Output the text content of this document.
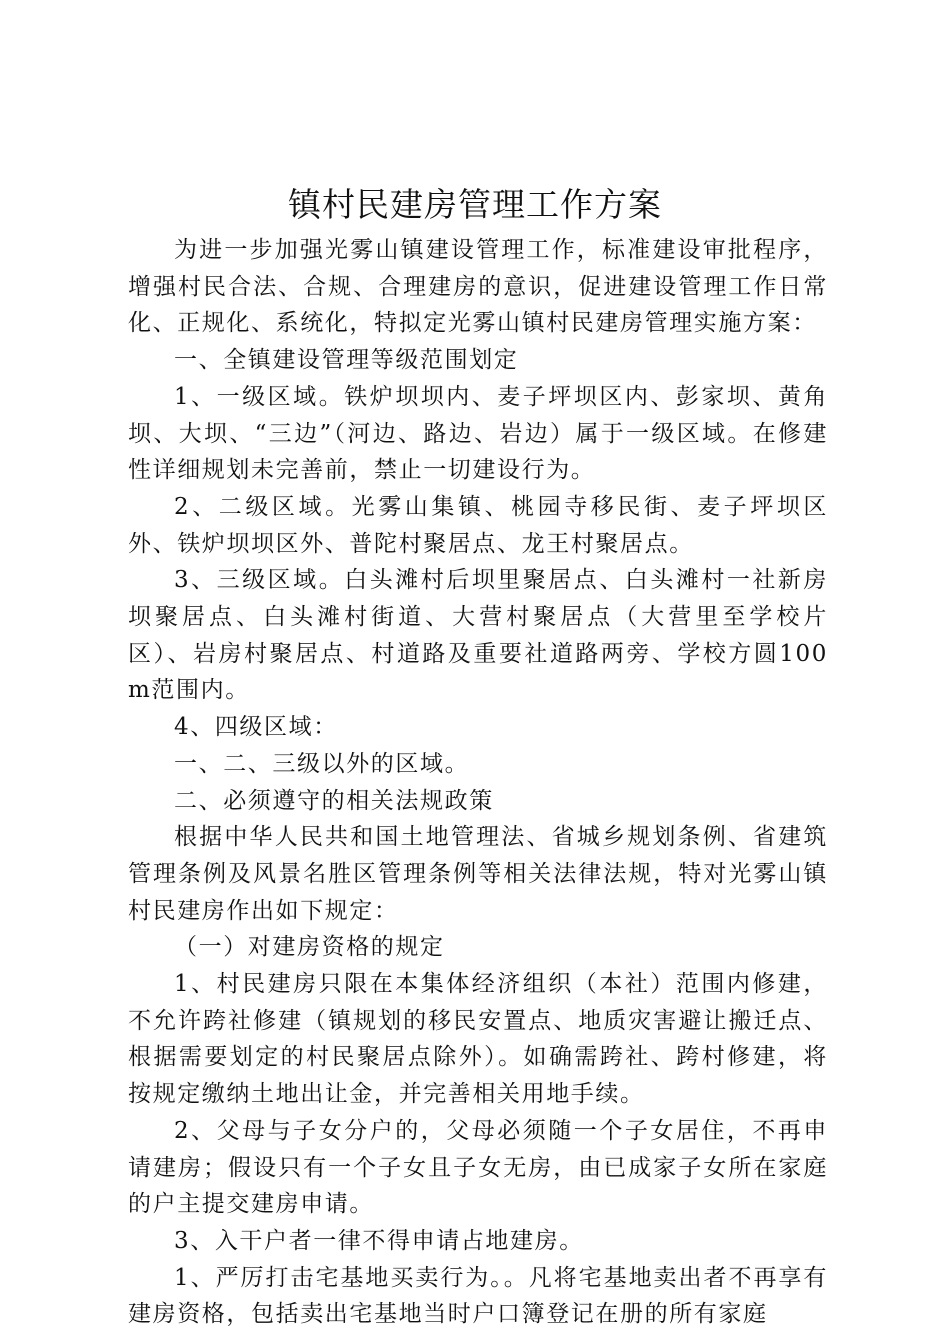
镇村民建房管理工作方案

为进一步加强光雾山镇建设管理工作，标准建设审批程序，增强村民合法、合规、合理建房的意识，促进建设管理工作日常化、正规化、系统化，特拟定光雾山镇村民建房管理实施方案：

一、全镇建设管理等级范围划定

1、一级区域。铁炉坝坝内、麦子坪坝区内、彭家坝、黄角坝、大坝、“三边”（河边、路边、岩边）属于一级区域。在修建性详细规划未完善前，禁止一切建设行为。

2、二级区域。光雾山集镇、桃园寺移民街、麦子坪坝区外、铁炉坝坝区外、普陀村聚居点、龙王村聚居点。

3、三级区域。白头滩村后坝里聚居点、白头滩村一社新房坝聚居点、白头滩村街道、大营村聚居点（大营里至学校片区）、岩房村聚居点、村道路及重要社道路两旁、学校方圆100m范围内。

4、四级区域：

一、二、三级以外的区域。

二、必须遵守的相关法规政策

根据中华人民共和国土地管理法、省城乡规划条例、省建筑管理条例及风景名胜区管理条例等相关法律法规，特对光雾山镇村民建房作出如下规定：

（一）对建房资格的规定

1、村民建房只限在本集体经济组织（本社）范围内修建，不允许跨社修建（镇规划的移民安置点、地质灾害避让搬迁点、根据需要划定的村民聚居点除外）。如确需跨社、跨村修建，将按规定缴纳土地出让金，并完善相关用地手续。

2、父母与子女分户的，父母必须随一个子女居住，不再申请建房；假设只有一个子女且子女无房，由已成家子女所在家庭的户主提交建房申请。

3、入干户者一律不得申请占地建房。

1、严厉打击宅基地买卖行为。。凡将宅基地卖出者不再享有建房资格，包括卖出宅基地当时户口簿登记在册的所有家庭
